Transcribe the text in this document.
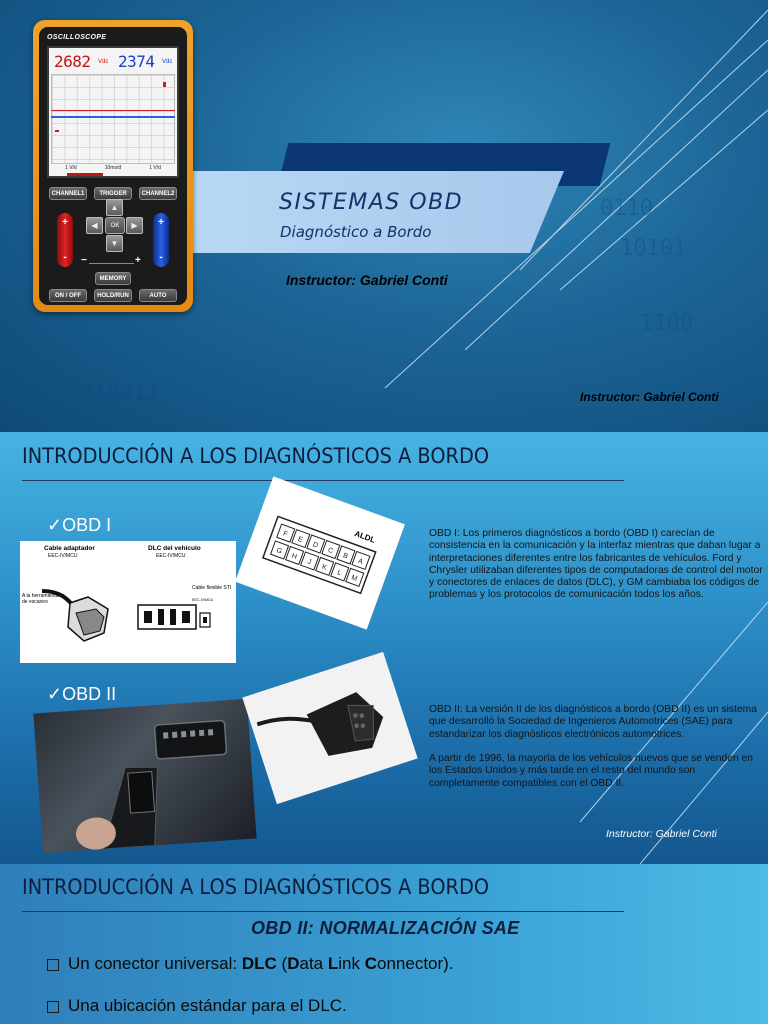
0110
10101
1100
010011
SISTEMAS OBD
Diagnóstico a Bordo
Instructor: Gabriel Conti
Instructor: Gabriel Conti
OSCILLOSCOPE
2682 Vdc 2374 Vdc
1 V/d	10ms/d	1 V/d
CHANNEL1	TRIGGER	CHANNEL2
+
-
+
-
▲
◀	OK	▶
▼
−	+
MEMORY
ON / OFF	HOLD/RUN	AUTO
INTRODUCCIÓN A LOS DIAGNÓSTICOS A BORDO
✓OBD I
✓OBD II
Cable adaptador
EEC-IV/MCU
DLC del vehículo
EEC-IV/MCU
A la herramienta de escaneo
Cable flexible STI
EEC-IV/MCU
F
E
D
C
B
A
G
H
J
K
L
M
ALDL	OBD I: Los primeros diagnósticos a bordo (OBD I) carecían de consistencia en la comunicación y la interfaz mientras que daban lugar a interpretaciones diferentes entre los fabricantes de vehículos. Ford y Chrysler utilizaban diferentes tipos de computadoras de control del motor y conectores de enlaces de datos (DLC), y GM cambiaba los códigos de problemas y los protocolos de comunicación todos los años.
OBD II: La versión II de los diagnósticos a bordo (OBD II) es un sistema que desarrolló la Sociedad de Ingenieros Automotrices (SAE) para estandarizar los diagnósticos electrónicos automotrices.
A partir de 1996, la mayoría de los vehículos nuevos que se venden en los Estados Unidos y más tarde en el resto del mundo son completamente compatibles con el OBD II.
Instructor: Gabriel Conti
INTRODUCCIÓN A LOS DIAGNÓSTICOS A BORDO
OBD II: NORMALIZACIÓN SAE
Un conector universal: DLC (Data Link Connector).
Una ubicación estándar para el DLC.
